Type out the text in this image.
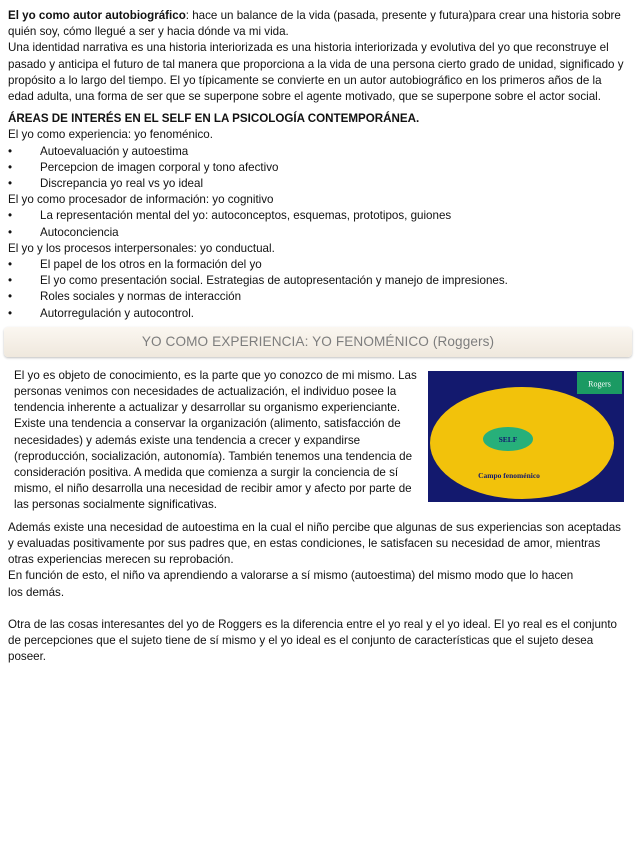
El yo como autor autobiográfico: hace un balance de la vida (pasada, presente y futura)para crear una historia sobre quién soy, cómo llegué a ser y hacia dónde va mi vida.

Una identidad narrativa es una historia interiorizada es una historia interiorizada y evolutiva del yo que reconstruye el pasado y anticipa el futuro de tal manera que proporciona a la vida de una persona cierto grado de unidad, significado y propósito a lo largo del tiempo. El yo típicamente se convierte en un autor autobiográfico en los primeros años de la edad adulta, una forma de ser que se superpone sobre el agente motivado, que se superpone sobre el actor social.

ÁREAS DE INTERÉS EN EL SELF EN LA PSICOLOGÍA CONTEMPORÁNEA.

El yo como experiencia: yo fenoménico.

• Autoevaluación y autoestima
• Percepcion de imagen corporal y tono afectivo
• Discrepancia yo real vs yo ideal

El yo como procesador de información: yo cognitivo

• La representación mental del yo: autoconceptos, esquemas, prototipos, guiones
• Autoconciencia

El yo y los procesos interpersonales: yo conductual.

• El papel de los otros en la formación del yo
• El yo como presentación social. Estrategias de autopresentación y manejo de impresiones.
• Roles sociales y normas de interacción
• Autorregulación y autocontrol.
YO COMO EXPERIENCIA: YO FENOMÉNICO (Roggers)

El yo es objeto de conocimiento, es la parte que yo conozco de mi mismo. Las personas venimos con necesidades de actualización, el individuo posee la tendencia inherente a actualizar y desarrollar su organismo experienciante. Existe una tendencia a conservar la organización (alimento, satisfacción de necesidades) y además existe una tendencia a crecer y expandirse (reproducción, socialización, autonomía). También tenemos una tendencia de consideración positiva. A medida que comienza a surgir la conciencia de sí mismo, el niño desarrolla una necesidad de recibir amor y afecto por parte de las personas socialmente significativas.

Rogers
SELF
Campo fenoménico

Además existe una necesidad de autoestima en la cual el niño percibe que algunas de sus experiencias son aceptadas y evaluadas positivamente por sus padres que, en estas condiciones, le satisfacen su necesidad de amor, mientras otras experiencias merecen su reprobación.

En función de esto, el niño va aprendiendo a valorarse a sí mismo (autoestima) del mismo modo que lo hacen

los demás.

Otra de las cosas interesantes del yo de Roggers es la diferencia entre el yo real y el yo ideal. El yo real es el conjunto de percepciones que el sujeto tiene de sí mismo y el yo ideal es el conjunto de características que el sujeto desea poseer.
